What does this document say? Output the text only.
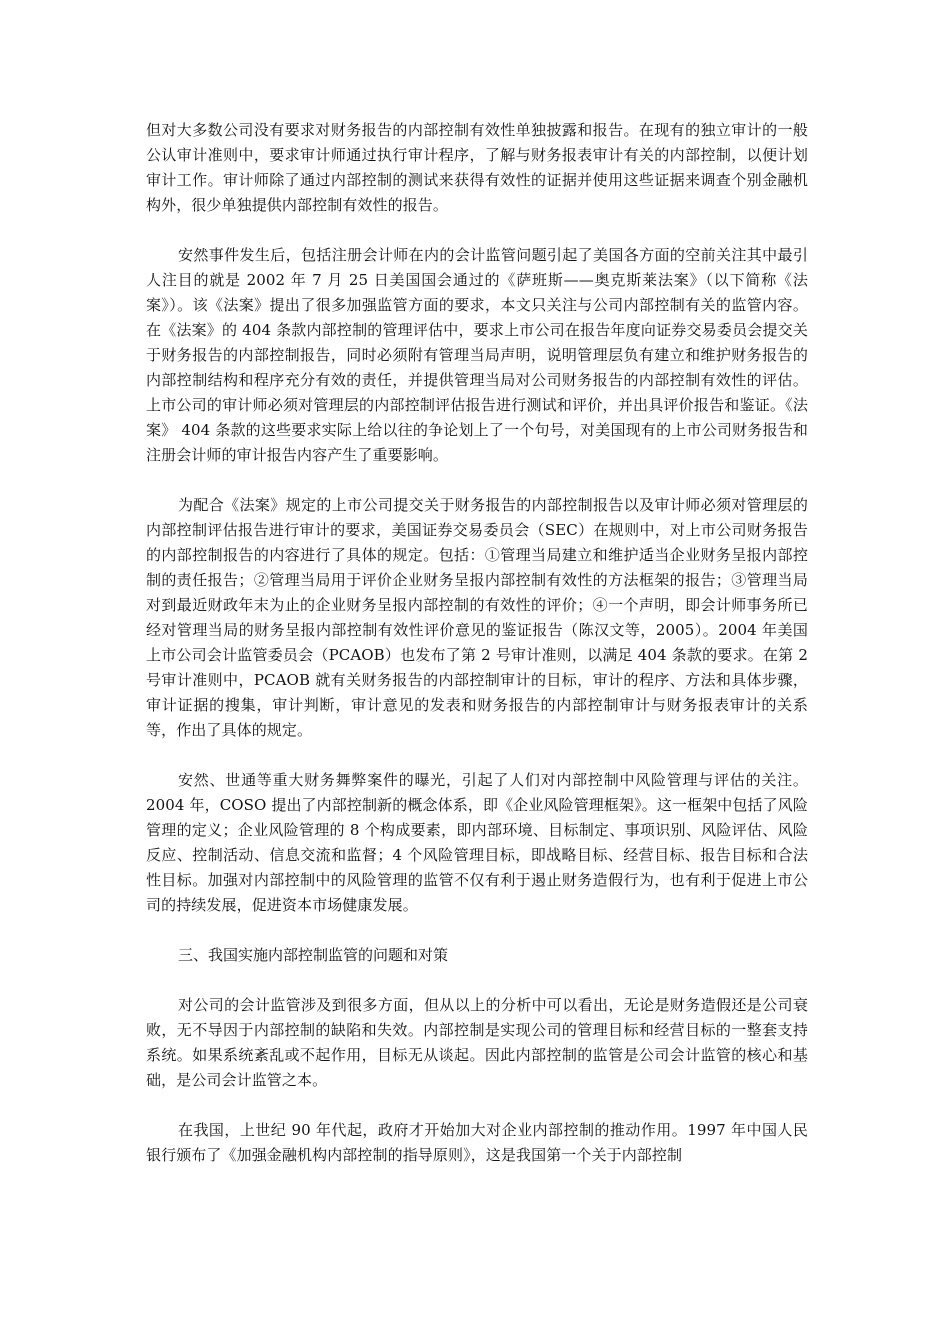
但对大多数公司没有要求对财务报告的内部控制有效性单独披露和报告。在现有的独立审计的一般公认审计准则中，要求审计师通过执行审计程序，了解与财务报表审计有关的内部控制，以便计划审计工作。审计师除了通过内部控制的测试来获得有效性的证据并使用这些证据来调查个别金融机构外，很少单独提供内部控制有效性的报告。

安然事件发生后，包括注册会计师在内的会计监管问题引起了美国各方面的空前关注其中最引人注目的就是 2002 年 7 月 25 日美国国会通过的《萨班斯——奥克斯莱法案》（以下简称《法案》）。该《法案》提出了很多加强监管方面的要求，本文只关注与公司内部控制有关的监管内容。在《法案》的 404 条款内部控制的管理评估中，要求上市公司在报告年度向证券交易委员会提交关于财务报告的内部控制报告，同时必须附有管理当局声明，说明管理层负有建立和维护财务报告的内部控制结构和程序充分有效的责任，并提供管理当局对公司财务报告的内部控制有效性的评估。上市公司的审计师必须对管理层的内部控制评估报告进行测试和评价，并出具评价报告和鉴证。《法案》 404 条款的这些要求实际上给以往的争论划上了一个句号，对美国现有的上市公司财务报告和注册会计师的审计报告内容产生了重要影响。

为配合《法案》规定的上市公司提交关于财务报告的内部控制报告以及审计师必须对管理层的内部控制评估报告进行审计的要求，美国证券交易委员会（SEC）在规则中，对上市公司财务报告的内部控制报告的内容进行了具体的规定。包括：①管理当局建立和维护适当企业财务呈报内部控制的责任报告；②管理当局用于评价企业财务呈报内部控制有效性的方法框架的报告；③管理当局对到最近财政年末为止的企业财务呈报内部控制的有效性的评价；④一个声明，即会计师事务所已经对管理当局的财务呈报内部控制有效性评价意见的鉴证报告（陈汉文等，2005）。2004 年美国上市公司会计监管委员会（PCAOB）也发布了第 2 号审计准则，以满足 404 条款的要求。在第 2 号审计准则中，PCAOB 就有关财务报告的内部控制审计的目标，审计的程序、方法和具体步骤，审计证据的搜集，审计判断，审计意见的发表和财务报告的内部控制审计与财务报表审计的关系等，作出了具体的规定。

安然、世通等重大财务舞弊案件的曝光，引起了人们对内部控制中风险管理与评估的关注。2004 年，COSO 提出了内部控制新的概念体系，即《企业风险管理框架》。这一框架中包括了风险管理的定义；企业风险管理的 8 个构成要素，即内部环境、目标制定、事项识别、风险评估、风险反应、控制活动、信息交流和监督；4 个风险管理目标，即战略目标、经营目标、报告目标和合法性目标。加强对内部控制中的风险管理的监管不仅有利于遏止财务造假行为，也有利于促进上市公司的持续发展，促进资本市场健康发展。

三、我国实施内部控制监管的问题和对策

对公司的会计监管涉及到很多方面，但从以上的分析中可以看出，无论是财务造假还是公司衰败，无不导因于内部控制的缺陷和失效。内部控制是实现公司的管理目标和经营目标的一整套支持系统。如果系统紊乱或不起作用，目标无从谈起。因此内部控制的监管是公司会计监管的核心和基础，是公司会计监管之本。

在我国，上世纪 90 年代起，政府才开始加大对企业内部控制的推动作用。1997 年中国人民银行颁布了《加强金融机构内部控制的指导原则》，这是我国第一个关于内部控制
